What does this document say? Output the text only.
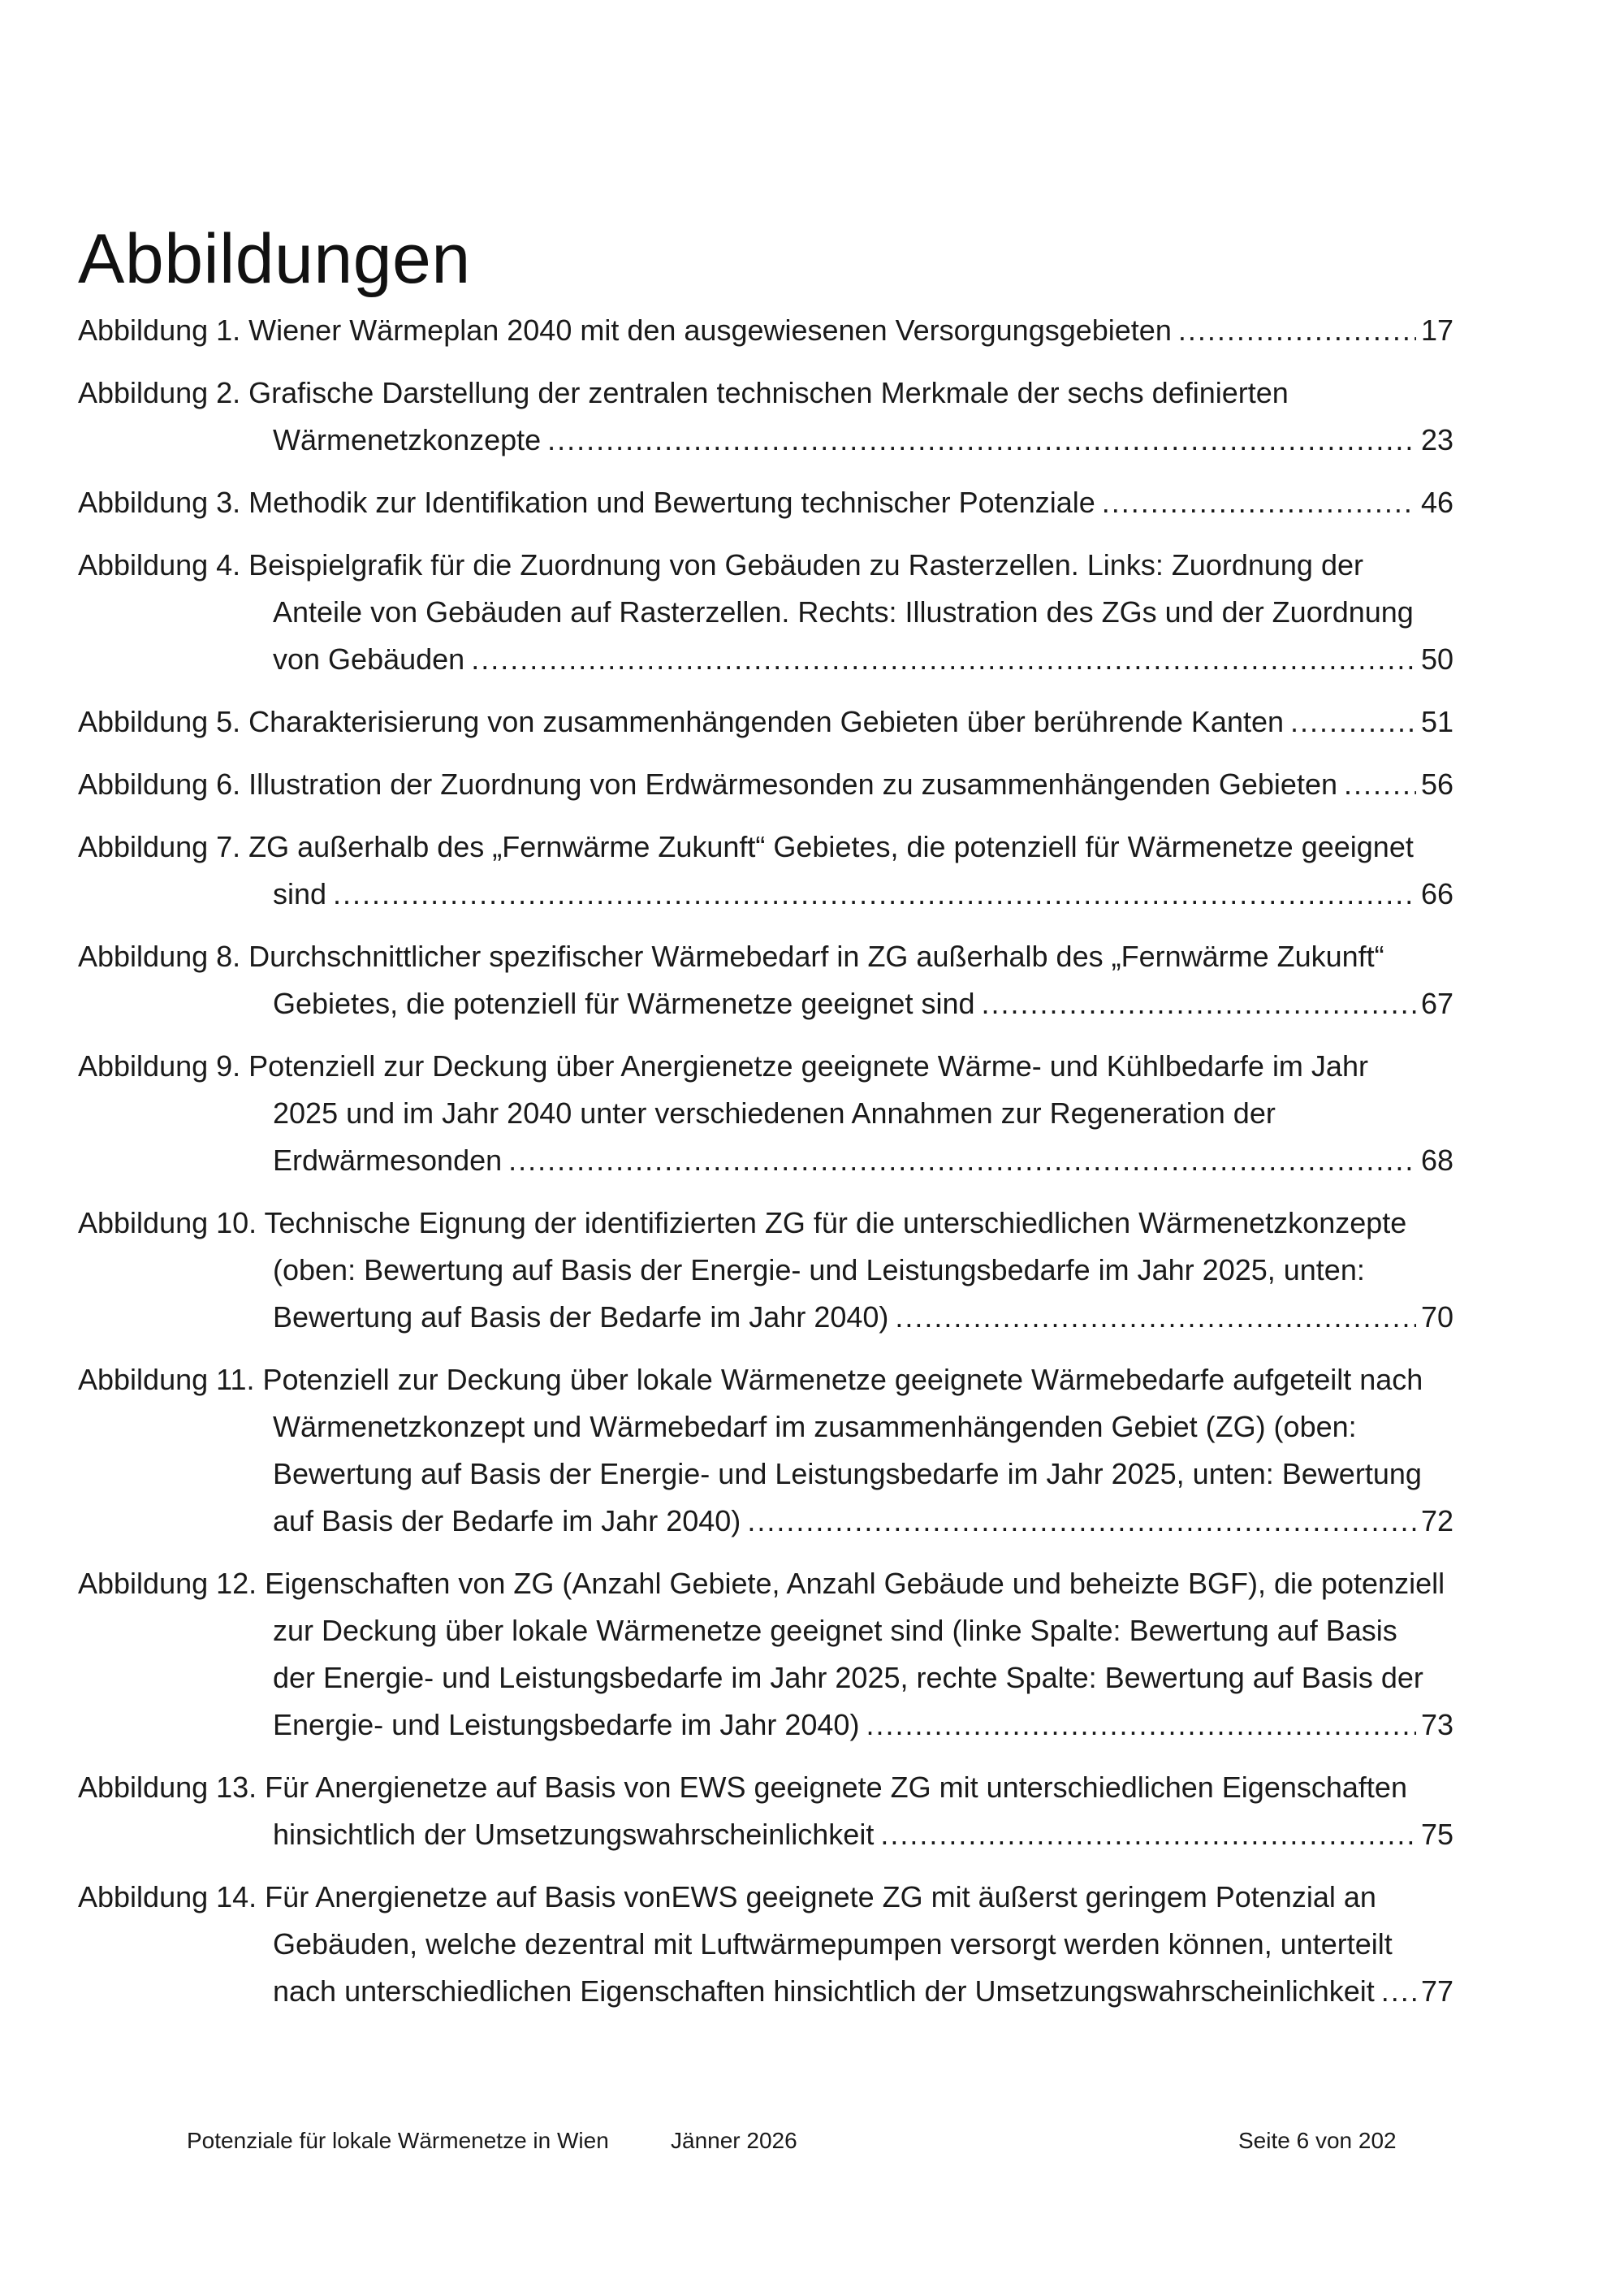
Abbildungen
Abbildung 1. Wiener Wärmeplan 2040 mit den ausgewiesenen Versorgungsgebieten .....	17
Abbildung 2. Grafische Darstellung der zentralen technischen Merkmale der sechs definierten
Wärmenetzkonzepte .....	23
Abbildung 3. Methodik zur Identifikation und Bewertung technischer Potenziale .....	46
Abbildung 4. Beispielgrafik für die Zuordnung von Gebäuden zu Rasterzellen. Links: Zuordnung der
Anteile von Gebäuden auf Rasterzellen. Rechts: Illustration des ZGs und der Zuordnung
von Gebäuden .....	50
Abbildung 5. Charakterisierung von zusammenhängenden Gebieten über berührende Kanten .....	51
Abbildung 6. Illustration der Zuordnung von Erdwärmesonden zu zusammenhängenden Gebieten .....	56
Abbildung 7. ZG außerhalb des „Fernwärme Zukunft“ Gebietes, die potenziell für Wärmenetze geeignet
sind .....	66
Abbildung 8. Durchschnittlicher spezifischer Wärmebedarf in ZG außerhalb des „Fernwärme Zukunft“
Gebietes, die potenziell für Wärmenetze geeignet sind .....	67
Abbildung 9. Potenziell zur Deckung über Anergienetze geeignete Wärme- und Kühlbedarfe im Jahr
2025 und im Jahr 2040 unter verschiedenen Annahmen zur Regeneration der
Erdwärmesonden .....	68
Abbildung 10. Technische Eignung der identifizierten ZG für die unterschiedlichen Wärmenetzkonzepte
(oben: Bewertung auf Basis der Energie- und Leistungsbedarfe im Jahr 2025, unten:
Bewertung auf Basis der Bedarfe im Jahr 2040) .....	70
Abbildung 11. Potenziell zur Deckung über lokale Wärmenetze geeignete Wärmebedarfe aufgeteilt nach
Wärmenetzkonzept und Wärmebedarf im zusammenhängenden Gebiet (ZG) (oben:
Bewertung auf Basis der Energie- und Leistungsbedarfe im Jahr 2025, unten: Bewertung
auf Basis der Bedarfe im Jahr 2040) .....	72
Abbildung 12. Eigenschaften von ZG (Anzahl Gebiete, Anzahl Gebäude und beheizte BGF), die potenziell
zur Deckung über lokale Wärmenetze geeignet sind (linke Spalte: Bewertung auf Basis
der Energie- und Leistungsbedarfe im Jahr 2025, rechte Spalte: Bewertung auf Basis der
Energie- und Leistungsbedarfe im Jahr 2040) .....	73
Abbildung 13. Für Anergienetze auf Basis von EWS geeignete ZG mit unterschiedlichen Eigenschaften
hinsichtlich der Umsetzungswahrscheinlichkeit .....	75
Abbildung 14. Für Anergienetze auf Basis vonEWS geeignete ZG mit äußerst geringem Potenzial an
Gebäuden, welche dezentral mit Luftwärmepumpen versorgt werden können, unterteilt
nach unterschiedlichen Eigenschaften hinsichtlich der Umsetzungswahrscheinlichkeit ..... 77
Potenziale für lokale Wärmenetze in Wien	Jänner 2026	Seite 6 von 202
